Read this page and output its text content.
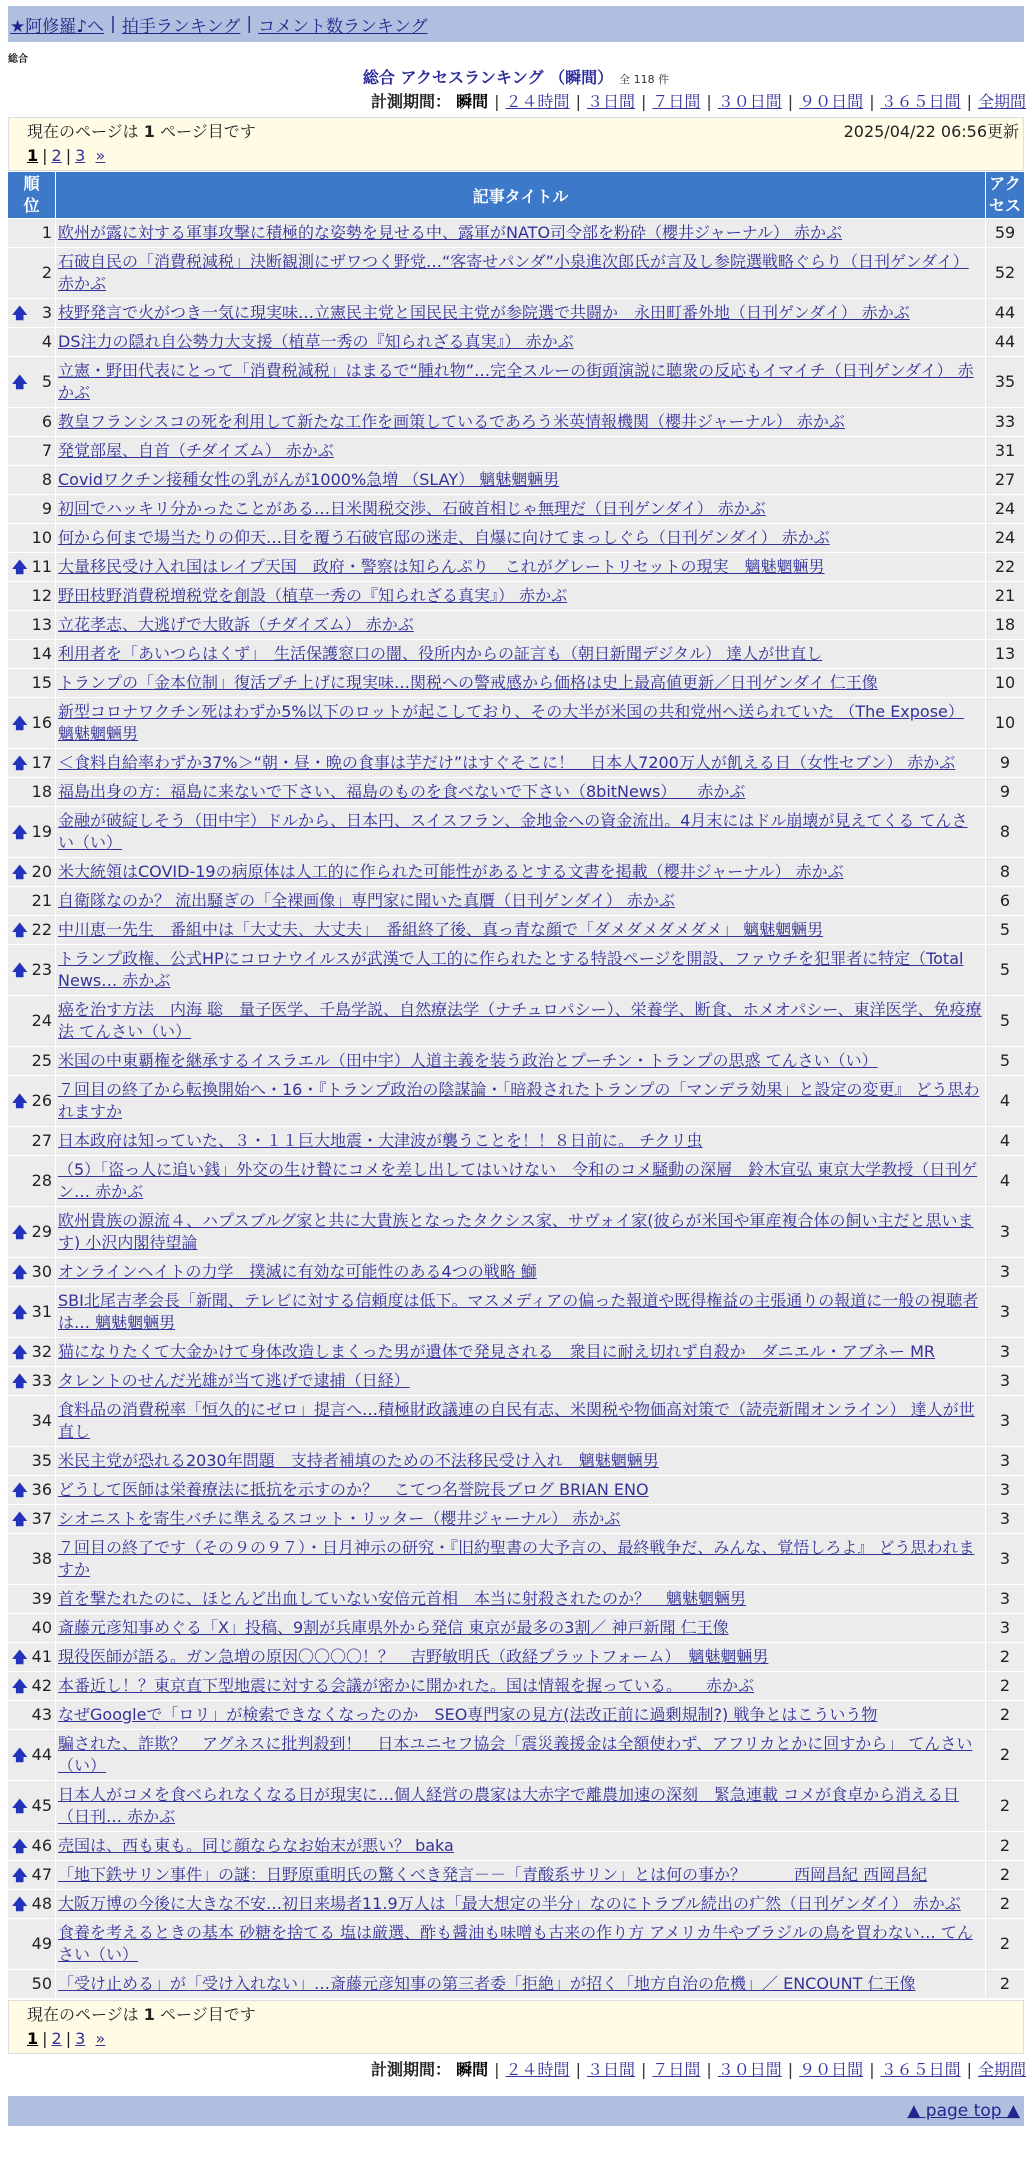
★阿修羅♪へ | 拍手ランキング | コメント数ランキング
総合
総合 アクセスランキング （瞬間） 全 118 件
計測期間： 瞬間 | ２４時間 | ３日間 | ７日間 | ３０日間 | ９０日間 | ３６５日間 | 全期間
現在のページは 1 ページ目です	2025/04/22 06:56更新
1 | 2 | 3 »
順位	記事タイトル	アクセス
1	欧州が露に対する軍事攻撃に積極的な姿勢を見せる中、露軍がNATO司令部を粉砕（櫻井ジャーナル） 赤かぶ	59
2	石破自民の「消費税減税」決断観測にザワつく野党…“客寄せパンダ”小泉進次郎氏が言及し参院選戦略ぐらり（日刊ゲンダイ） 赤かぶ	52

🡅 3	枝野発言で火がつき一気に現実味…立憲民主党と国民民主党が参院選で共闘か　永田町番外地（日刊ゲンダイ） 赤かぶ	44
4	DS注力の隠れ自公勢力大支援（植草一秀の『知られざる真実』） 赤かぶ	44

🡅 5	立憲・野田代表にとって「消費税減税」はまるで“腫れ物”…完全スルーの街頭演説に聴衆の反応もイマイチ（日刊ゲンダイ） 赤かぶ	35
6	教皇フランシスコの死を利用して新たな工作を画策しているであろう米英情報機関（櫻井ジャーナル） 赤かぶ	33
7	発覚部屋、自首（チダイズム） 赤かぶ	31
8	Covidワクチン接種女性の乳がんが1000%急増 （SLAY） 魑魅魍魎男	27
9	初回でハッキリ分かったことがある…日米関税交渉、石破首相じゃ無理だ（日刊ゲンダイ） 赤かぶ	24
10	何から何まで場当たりの仰天…目を覆う石破官邸の迷走、自爆に向けてまっしぐら（日刊ゲンダイ） 赤かぶ	24

🡅 11	大量移民受け入れ国はレイプ天国　政府・警察は知らんぷり　これがグレートリセットの現実　魑魅魍魎男	22
12	野田枝野消費税増税党を創設（植草一秀の『知られざる真実』） 赤かぶ	21
13	立花孝志、大逃げで大敗訴（チダイズム） 赤かぶ	18
14	利用者を「あいつらはくず」　生活保護窓口の闇、役所内からの証言も（朝日新聞デジタル） 達人が世直し	13
15	トランプの「金本位制」復活プチ上げに現実味…関税への警戒感から価格は史上最高値更新／日刊ゲンダイ 仁王像	10

🡅 16	新型コロナワクチン死はわずか5%以下のロットが起こしており、その大半が米国の共和党州へ送られていた （The Expose） 魑魅魍魎男	10

🡅 17	＜食料自給率わずか37%＞“朝・昼・晩の食事は芋だけ”はすぐそこに！　日本人7200万人が飢える日（女性セブン） 赤かぶ	9
18	福島出身の方：福島に来ないで下さい、福島のものを食べないで下さい（8bitNews） 　赤かぶ	9

🡅 19	金融が破綻しそう（田中宇）ドルから、日本円、スイスフラン、金地金への資金流出。4月末にはドル崩壊が見えてくる てんさい（い）	8

🡅 20	米大統領はCOVID-19の病原体は人工的に作られた可能性があるとする文書を掲載（櫻井ジャーナル） 赤かぶ	8
21	自衛隊なのか？ 流出騒ぎの「全裸画像」専門家に聞いた真贋（日刊ゲンダイ） 赤かぶ	6

🡅 22	中川恵一先生　番組中は「大丈夫、大丈夫」　番組終了後、真っ青な顔で「ダメダメダメダメ」 魑魅魍魎男	5

🡅 23	トランプ政権、公式HPにコロナウイルスが武漢で人工的に作られたとする特設ページを開設、ファウチを犯罪者に特定（Total News… 赤かぶ	5
24	癌を治す方法　内海 聡　量子医学、千島学説、自然療法学（ナチュロパシー）、栄養学、断食、ホメオパシー、東洋医学、免疫療法 てんさい（い）	5
25	米国の中東覇権を継承するイスラエル（田中宇）人道主義を装う政治とプーチン・トランプの思惑 てんさい（い）	5

🡅 26	７回目の終了から転換開始へ・16・『トランプ政治の陰謀論・「暗殺されたトランプの「マンデラ効果」と設定の変更』 どう思われますか	4
27	日本政府は知っていた、３・１１巨大地震・大津波が襲うことを！！８日前に。 チクリ虫	4
28	（5）「盗っ人に追い銭」外交の生け贄にコメを差し出してはいけない　令和のコメ騒動の深層　鈴木宣弘 東京大学教授（日刊ゲン… 赤かぶ	4

🡅 29	欧州貴族の源流４、ハプスブルグ家と共に大貴族となったタクシス家、サヴォイ家(彼らが米国や軍産複合体の飼い主だと思います) 小沢内閣待望論	3

🡅 30	オンラインヘイトの力学　撲滅に有効な可能性のある4つの戦略 鰤	3

🡅 31	SBI北尾吉孝会長「新聞、テレビに対する信頼度は低下。マスメディアの偏った報道や既得権益の主張通りの報道に一般の視聴者は… 魑魅魍魎男	3

🡅 32	猫になりたくて大金かけて身体改造しまくった男が遺体で発見される　衆目に耐え切れず自殺か　ダニエル・アブネー MR	3

🡅 33	タレントのせんだ光雄が当て逃げで逮捕（日経）	3
34	食料品の消費税率「恒久的にゼロ」提言へ…積極財政議連の自民有志、米関税や物価高対策で（読売新聞オンライン） 達人が世直し	3
35	米民主党が恐れる2030年問題　支持者補填のための不法移民受け入れ　魑魅魍魎男	3

🡅 36	どうして医師は栄養療法に抵抗を示すのか？　こてつ名誉院長ブログ BRIAN ENO	3

🡅 37	シオニストを寄生バチに準えるスコット・リッター（櫻井ジャーナル） 赤かぶ	3
38	７回目の終了です（その９の９７）・日月神示の研究・『旧約聖書の大予言の、最終戦争だ、みんな、覚悟しろよ』 どう思われますか	3
39	首を撃たれたのに、ほとんど出血していない安倍元首相　本当に射殺されたのか？　魑魅魍魎男	3
40	斎藤元彦知事めぐる「X」投稿、9割が兵庫県外から発信 東京が最多の3割／ 神戸新聞 仁王像	3

🡅 41	現役医師が語る。ガン急増の原因〇〇〇〇！？　吉野敏明氏（政経プラットフォーム）　魑魅魍魎男	2

🡅 42	本番近し！？東京直下型地震に対する会議が密かに開かれた。国は情報を握っている。　　赤かぶ	2
43	なぜGoogleで「ロリ」が検索できなくなったのか　SEO専門家の見方(法改正前に過剰規制?) 戦争とはこういう物	2

🡅 44	騙された、詐欺？　アグネスに批判殺到！　日本ユニセフ協会「震災義援金は全額使わず、アフリカとかに回すから」 てんさい（い）	2

🡅 45	日本人がコメを食べられなくなる日が現実に…個人経営の農家は大赤字で離農加速の深刻　緊急連載 コメが食卓から消える日（日刊… 赤かぶ	2

🡅 46	売国は、西も東も。同じ顔ならなお始末が悪い？ baka	2

🡅 47	「地下鉄サリン事件」の謎：日野原重明氏の驚くべき発言－－「青酸系サリン」とは何の事か？　　　西岡昌紀 西岡昌紀	2

🡅 48	大阪万博の今後に大きな不安…初日来場者11.9万人は「最大想定の半分」なのにトラブル続出の疒然（日刊ゲンダイ） 赤かぶ	2
49	食養を考えるときの基本 砂糖を捨てる 塩は厳選、酢も醤油も味噌も古来の作り方 アメリカ牛やブラジルの鳥を買わない… てんさい（い）	2
50	「受け止める」が「受け入れない」…斎藤元彦知事の第三者委「拒絶」が招く「地方自治の危機」／ ENCOUNT 仁王像	2
現在のページは 1 ページ目です
1 | 2 | 3 »
計測期間： 瞬間 | ２４時間 | ３日間 | ７日間 | ３０日間 | ９０日間 | ３６５日間 | 全期間
▲ page top ▲
